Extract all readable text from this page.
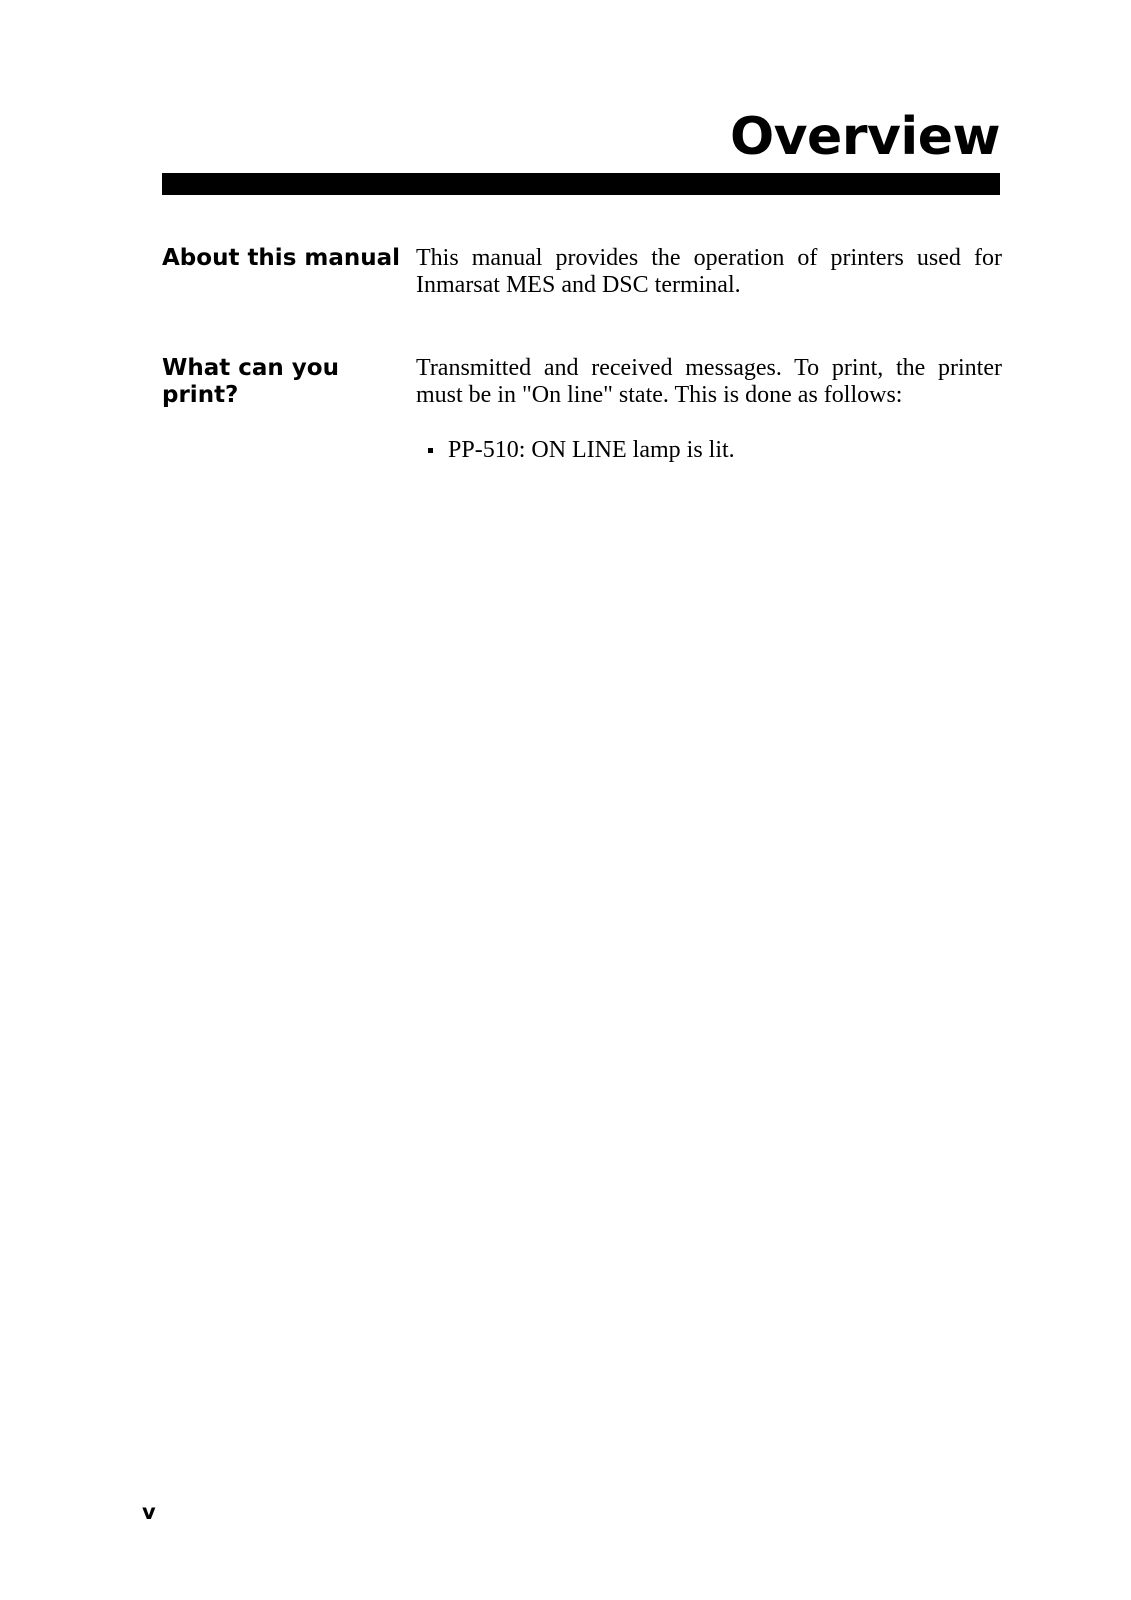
Overview
About this manual This manual provides the operation of printers used for Inmarsat MES and DSC terminal.

What can you print?

Transmitted and received messages. To print, the printer must be in "On line" state. This is done as follows:

PP-510: ON LINE lamp is lit.
v
